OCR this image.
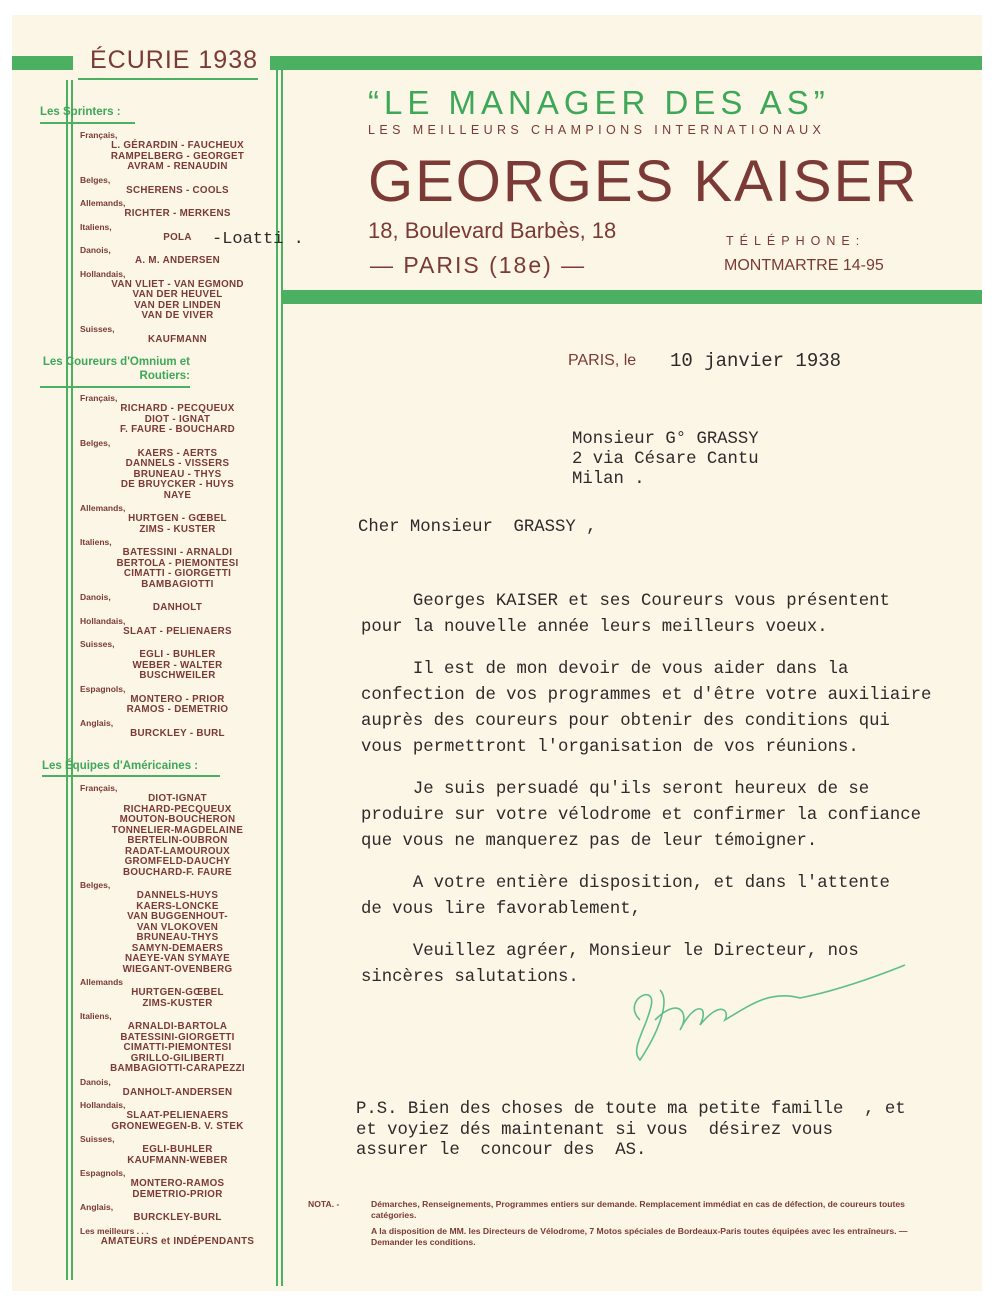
ÉCURIE 1938
Les Sprinters :
Français,
L. GÉRARDIN - FAUCHEUX
RAMPELBERG - GEORGET
AVRAM - RENAUDIN
Belges,
SCHERENS - COOLS
Allemands,
RICHTER - MERKENS
Italiens,
POLA
Danois,
A. M. ANDERSEN
Hollandais,
VAN VLIET - VAN EGMOND
VAN DER HEUVEL
VAN DER LINDEN
VAN DE VIVER
Suisses,
KAUFMANN
Les Coureurs d'Omnium et Routiers:
Français,
RICHARD - PECQUEUX
DIOT - IGNAT
F. FAURE - BOUCHARD
Belges,
KAERS - AERTS
DANNELS - VISSERS
BRUNEAU - THYS
DE BRUYCKER - HUYS
NAYE
Allemands,
HURTGEN - GŒBEL
ZIMS - KUSTER
Italiens,
BATESSINI - ARNALDI
BERTOLA - PIEMONTESI
CIMATTI - GIORGETTI
BAMBAGIOTTI
Danois,
DANHOLT
Hollandais,
SLAAT - PELIENAERS
Suisses,
EGLI - BUHLER
WEBER - WALTER
BUSCHWEILER
Espagnols,
MONTERO - PRIOR
RAMOS - DEMETRIO
Anglais,
BURCKLEY - BURL
Les Équipes d'Américaines :
Français,
DIOT-IGNAT
RICHARD-PECQUEUX
MOUTON-BOUCHERON
TONNELIER-MAGDELAINE
BERTELIN-OUBRON
RADAT-LAMOUROUX
GROMFELD-DAUCHY
BOUCHARD-F. FAURE
Belges,
DANNELS-HUYS
KAERS-LONCKE
VAN BUGGENHOUT-
VAN VLOKOVEN
BRUNEAU-THYS
SAMYN-DEMAERS
NAEYE-VAN SYMAYE
WIEGANT-OVENBERG
Allemands
HURTGEN-GŒBEL
ZIMS-KUSTER
Italiens,
ARNALDI-BARTOLA
BATESSINI-GIORGETTI
CIMATTI-PIEMONTESI
GRILLO-GILIBERTI
BAMBAGIOTTI-CARAPEZZI
Danois,
DANHOLT-ANDERSEN
Hollandais,
SLAAT-PELIENAERS
GRONEWEGEN-B. V. STEK
Suisses,
EGLI-BUHLER
KAUFMANN-WEBER
Espagnols,
MONTERO-RAMOS
DEMETRIO-PRIOR
Anglais,
BURCKLEY-BURL
Les meilleurs . . .
AMATEURS et INDÉPENDANTS
-Loatti .
“LE MANAGER DES AS”
LES MEILLEURS CHAMPIONS INTERNATIONAUX
GEORGES KAISER
18, Boulevard Barbès, 18
— PARIS (18e) —
TÉLÉPHONE:
MONTMARTRE 14-95
PARIS, le 10 janvier 1938
Monsieur G° GRASSY
2 via Césare Cantu
Milan .
Cher Monsieur  GRASSY ,
Georges KAISER et ses Coureurs vous présentent
pour la nouvelle année leurs meilleurs voeux.
Il est de mon devoir de vous aider dans la
confection de vos programmes et d'être votre auxiliaire
auprès des coureurs pour obtenir des conditions qui
vous permettront l'organisation de vos réunions.
Je suis persuadé qu'ils seront heureux de se
produire sur votre vélodrome et confirmer la confiance
que vous ne manquerez pas de leur témoigner.
A votre entière disposition, et dans l'attente
de vous lire favorablement,
Veuillez agréer, Monsieur le Directeur, nos
sincères salutations.
P.S. Bien des choses de toute ma petite famille  , et
et voyiez dés maintenant si vous  désirez vous
assurer le  concour des  AS.
NOTA. -	Démarches, Renseignements, Programmes entiers sur demande. Remplacement immédiat en cas de défection, de coureurs toutes catégories.

A la disposition de MM. les Directeurs de Vélodrome, 7 Motos spéciales de Bordeaux-Paris toutes équipées avec les entraîneurs. — Demander les conditions.
